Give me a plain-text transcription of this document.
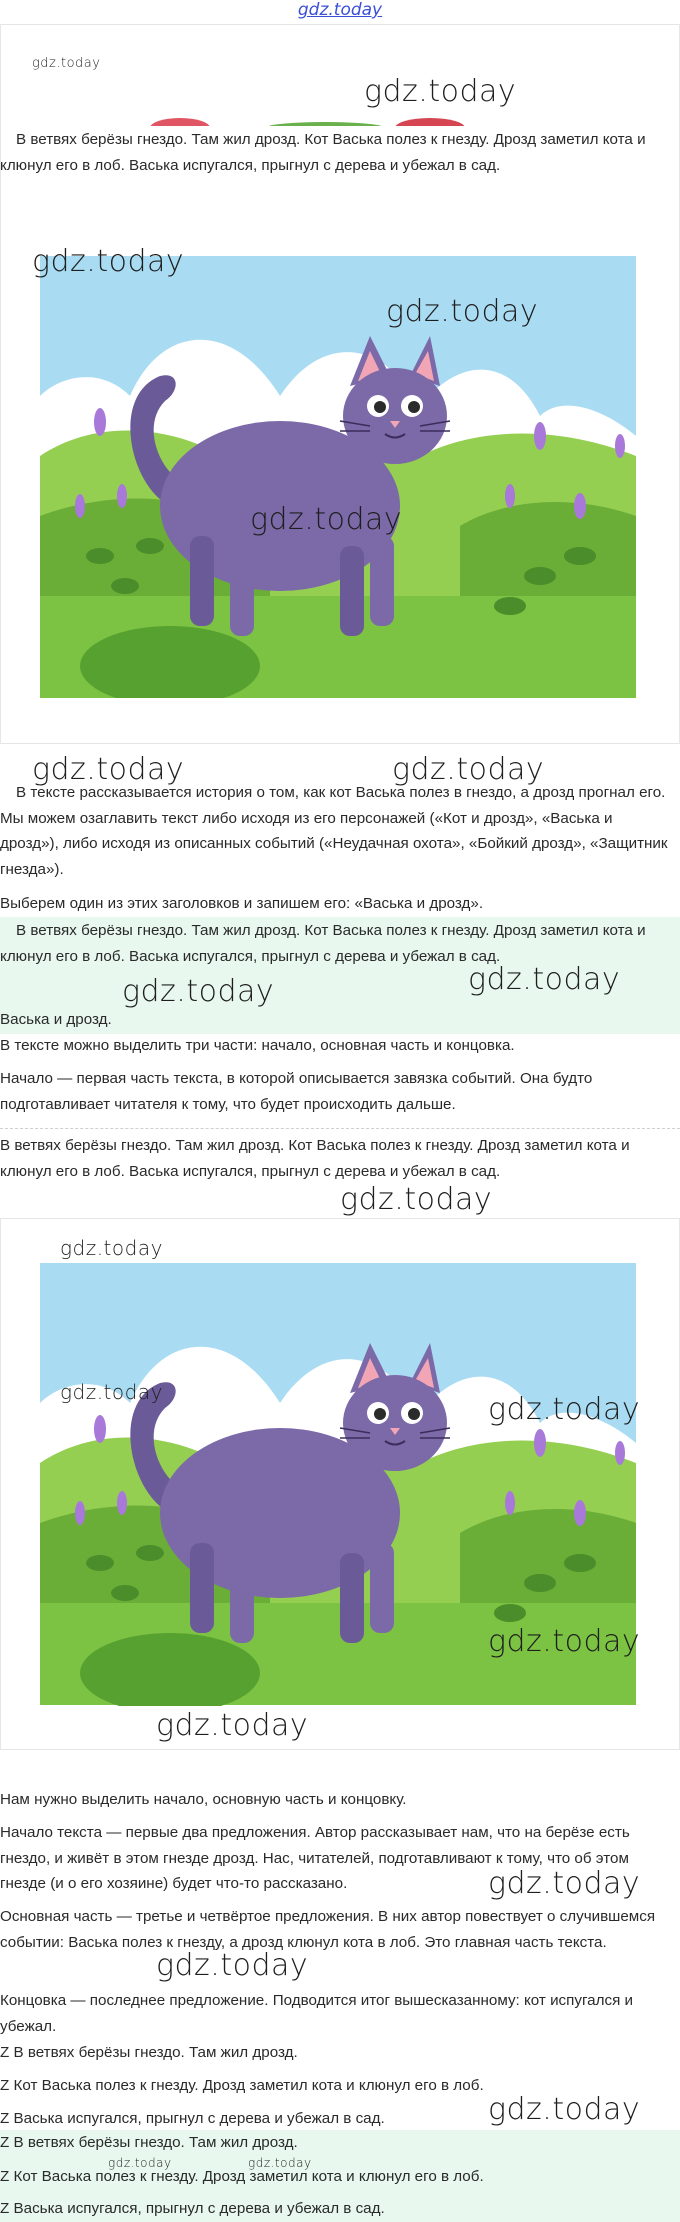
gdz.today
gdz.today
gdz.today

В ветвях берёзы гнездо. Там жил дрозд. Кот Васька полез к гнезду. Дрозд заметил кота и клюнул его в лоб. Васька испугался, прыгнул с дерева и убежал в сад.

gdz.today
gdz.today
gdz.today
gdz.today	gdz.today

В тексте рассказывается история о том, как кот Васька полез в гнездо, а дрозд прогнал его. Мы можем озаглавить текст либо исходя из его персонажей («Кот и дрозд», «Васька и дрозд»), либо исходя из описанных событий («Неудачная охота», «Бойкий дрозд», «Защитник гнезда»).

Выберем один из этих заголовков и запишем его: «Васька и дрозд».

В ветвях берёзы гнездо. Там жил дрозд. Кот Васька полез к гнезду. Дрозд заметил кота и клюнул его в лоб. Васька испугался, прыгнул с дерева и убежал в сад.

gdz.today
gdz.today

Васька и дрозд.

В тексте можно выделить три части: начало, основная часть и концовка.

Начало — первая часть текста, в которой описывается завязка событий. Она будто подготавливает читателя к тому, что будет происходить дальше.

В ветвях берёзы гнездо. Там жил дрозд. Кот Васька полез к гнезду. Дрозд заметил кота и клюнул его в лоб. Васька испугался, прыгнул с дерева и убежал в сад.

gdz.today
gdz.today
gdz.today	gdz.today
gdz.today
gdz.today

Нам нужно выделить начало, основную часть и концовку.

Начало текста — первые два предложения. Автор рассказывает нам, что на берёзе есть гнездо, и живёт в этом гнезде дрозд. Нас, читателей, подготавливают к тому, что об этом гнезде (и о его хозяине) будет что-то рассказано.	gdz.today

Основная часть — третье и четвёртое предложения. В них автор повествует о случившемся событии: Васька полез к гнезду, а дрозд клюнул кота в лоб. Это главная часть текста.

gdz.today

Концовка — последнее предложение. Подводится итог вышесказанному: кот испугался и убежал.

Z В ветвях берёзы гнездо. Там жил дрозд.

Z Кот Васька полез к гнезду. Дрозд заметил кота и клюнул его в лоб.

Z Васька испугался, прыгнул с дерева и убежал в сад.	gdz.today

Z В ветвях берёзы гнездо. Там жил дрозд.

gdz.today	gdz.today

Z Кот Васька полез к гнезду. Дрозд заметил кота и клюнул его в лоб.

Z Васька испугался, прыгнул с дерева и убежал в сад.
